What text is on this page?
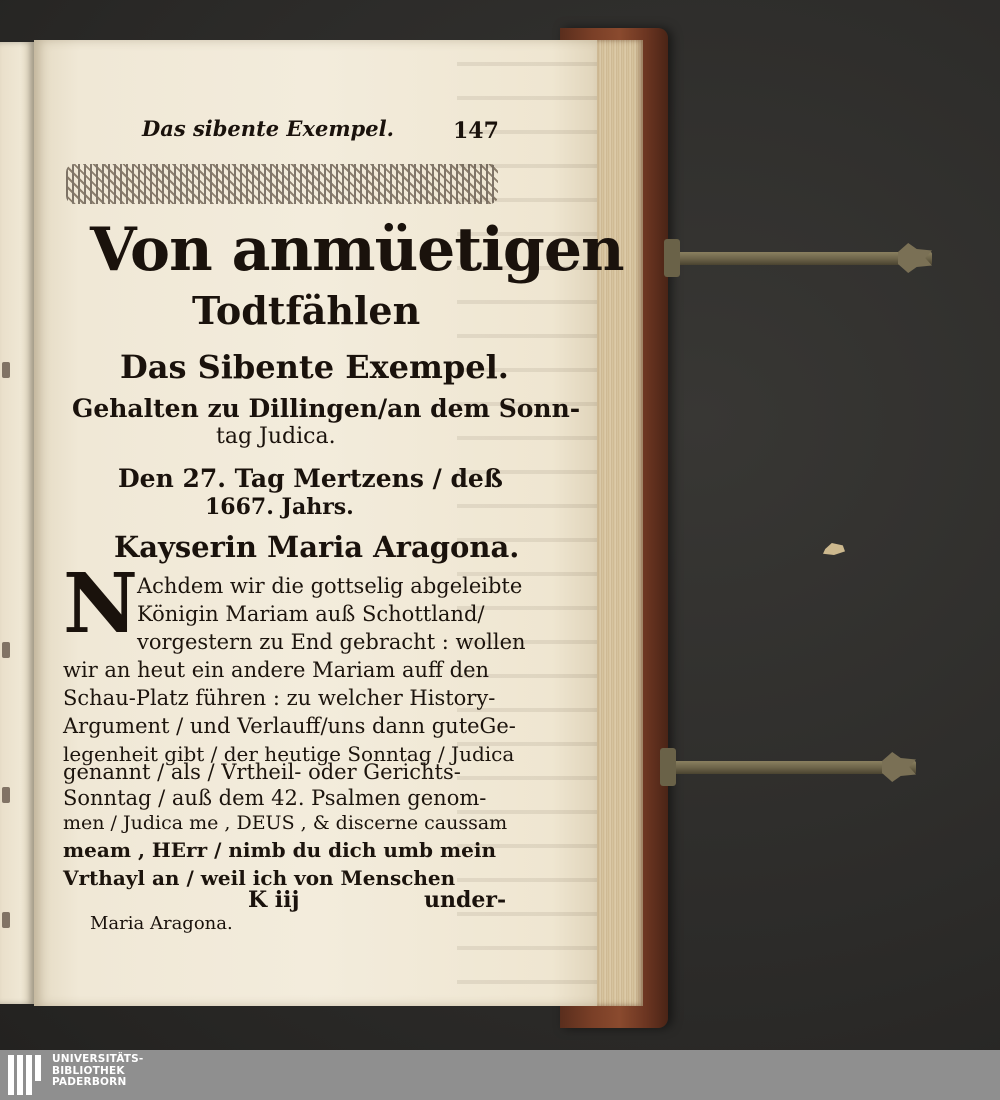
Das sibente Exempel.	147
Von anmüetigen
Todtfählen
Das Sibente Exempel.
Gehalten zu Dillingen/an dem Sonn-
tag Judica.
Den 27. Tag Mertzens / deß
1667. Jahrs.
Kayserin Maria Aragona.
N Achdem wir die gottselig abgeleibte
Königin Mariam auß Schottland/
vorgestern zu End gebracht : wollen
wir an heut ein andere Mariam auff den
Schau-Platz führen : zu welcher History-
Argument / und Verlauff/uns dann guteGe-
legenheit gibt / der heutige Sonntag / Judica
genannt / als / Vrtheil- oder Gerichts-
Sonntag / auß dem 42. Psalmen genom-
men / Judica me , DEUS , & discerne caussam
meam , HErr / nimb du dich umb mein
Vrthayl an / weil ich von Menschen
K iij	under-
Maria Aragona.
UNIVERSITÄTS-
BIBLIOTHEK
PADERBORN
